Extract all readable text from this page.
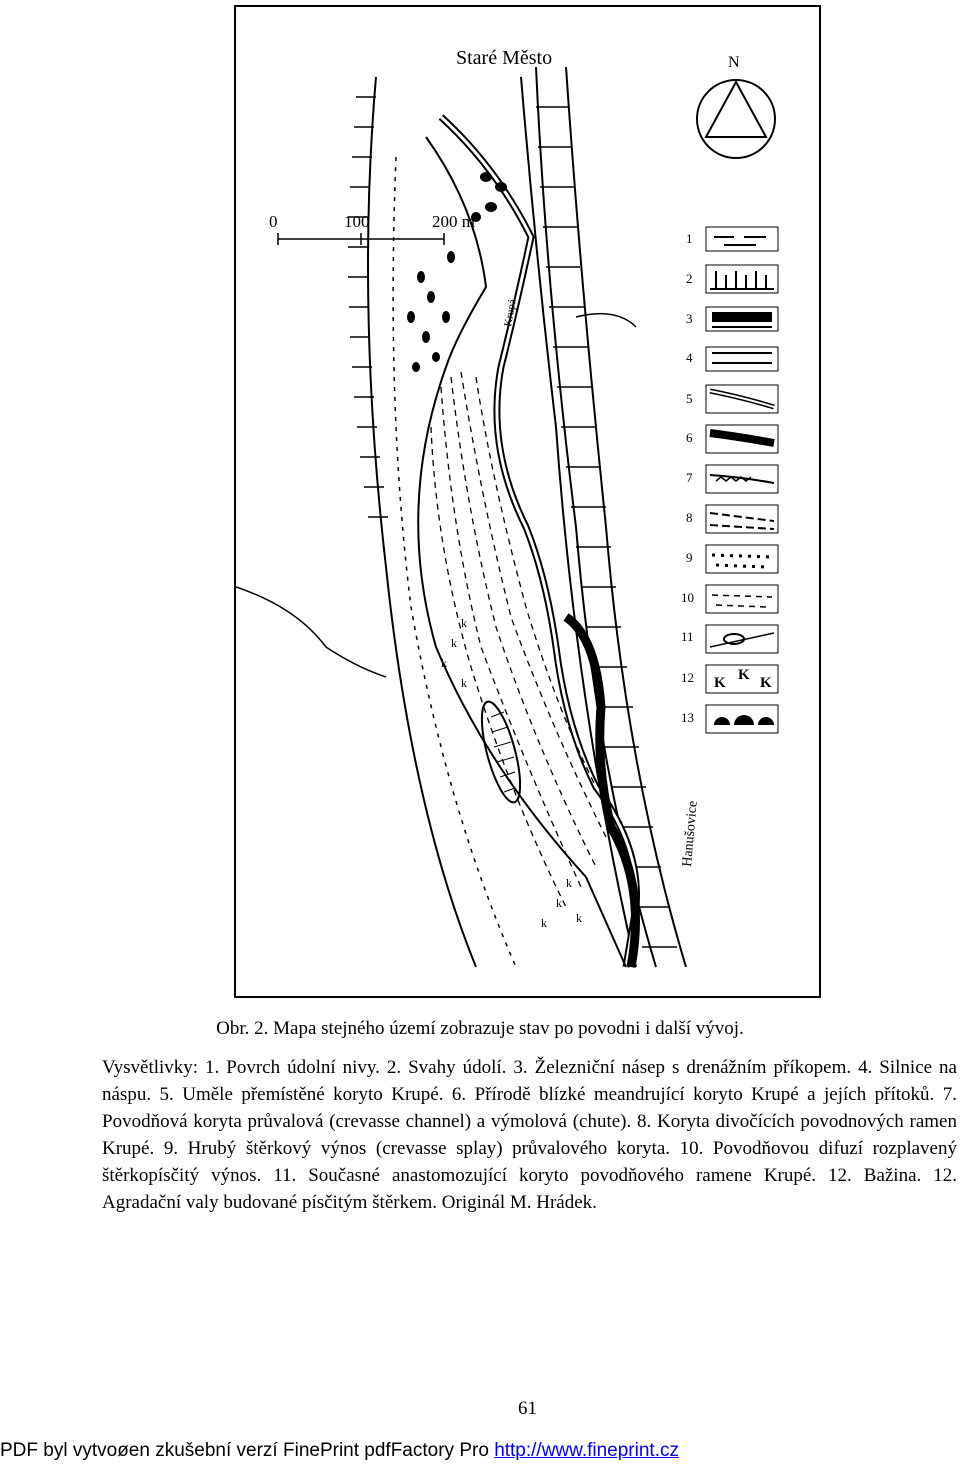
Staré Město
Krupá
k
k
k
k
k
k
k
k
Hanušovice
N
1
2
3
4
5
6
7
8
9
10
11
12
13
K K K
0	100	200 m
Obr. 2. Mapa stejného území zobrazuje stav po povodni i další vývoj.
Vysvětlivky: 1. Povrch údolní nivy. 2. Svahy údolí. 3. Železniční násep s drenážním příkopem. 4. Silnice na náspu. 5. Uměle přemístěné koryto Krupé. 6. Přírodě blízké meandrující koryto Krupé a jejích přítoků. 7. Povodňová koryta průvalová (crevasse channel) a výmolová (chute). 8. Koryta divočících povodnových ramen Krupé. 9. Hrubý štěrkový výnos (crevasse splay) průvalového koryta. 10. Povodňovou difuzí rozplavený štěrkopísčitý výnos. 11. Současné anastomozující koryto povodňového ramene Krupé. 12. Bažina. 12. Agradační valy budované písčitým štěrkem. Originál M. Hrádek.
61
PDF byl vytvoøen zkušební verzí FinePrint pdfFactory Pro http://www.fineprint.cz
